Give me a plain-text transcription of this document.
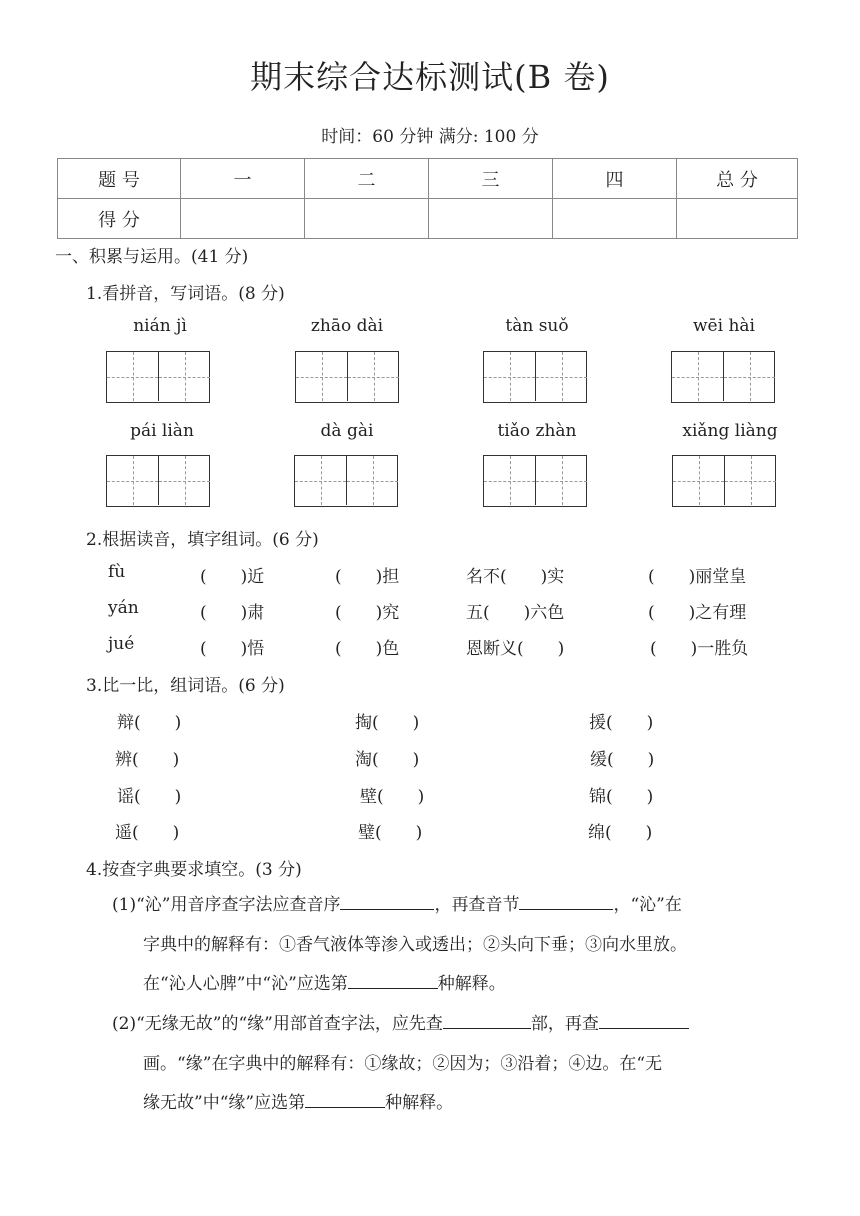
期末综合达标测试(B 卷)
时间：60 分钟 满分: 100 分
题 号	一	二	三	四	总 分
得 分					
一、积累与运用。(41 分)
1.看拼音，写词语。(8 分)
nián jì	zhāo dài	tàn suǒ	wēi hài
pái liàn	dà gài	tiǎo zhàn	xiǎng liàng
2.根据读音，填字组词。(6 分)
fù	(　　)近	(　　)担	名不(　　)实	(　　)丽堂皇
yán	(　　)肃	(　　)究	五(　　)六色	(　　)之有理
jué	(　　)悟	(　　)色	恩断义(　　)	(　　)一胜负
3.比一比，组词语。(6 分)
辩(　　)	掏(　　)	援(　　)
辨(　　)	淘(　　)	缓(　　)
谣(　　)	壁(　　)	锦(　　)
遥(　　)	璧(　　)	绵(　　)
4.按查字典要求填空。(3 分)
(1)“沁”用音序查字法应查音序	，再查音节	，“沁”在
字典中的解释有：①香气液体等渗入或透出；②头向下垂；③向水里放。
在“沁人心脾”中“沁”应选第	种解释。
(2)“无缘无故”的“缘”用部首查字法，应先查	部，再查
画。“缘”在字典中的解释有：①缘故；②因为；③沿着；④边。在“无
缘无故”中“缘”应选第	种解释。
